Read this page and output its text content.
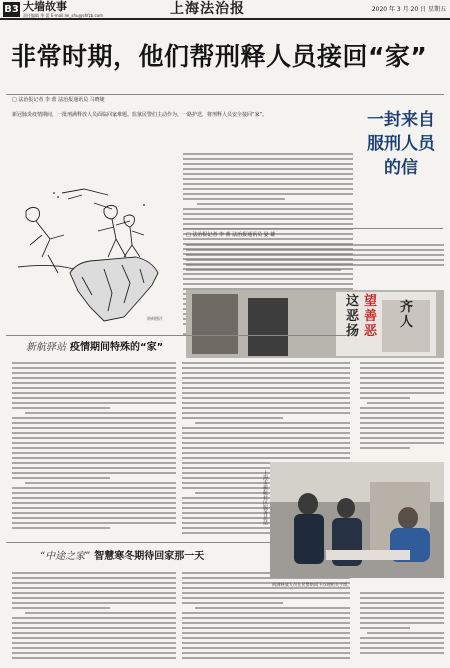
B3 大墙故事
责任编辑 华 蕾 E-mail:lei_shu@shfzb.com	上海法治报	2020 年 3 月 20 日 星期五
非常时期，他们帮刑释人员接回“家”
□ 法治报记者 李 蕾 法治报通讯员 马晓婕
新冠肺炎疫情期间，一批刑满释放人员面临回家难题。监狱民警们主动作为，一路护送，将刑释人员安全接回“家”。
资料图片
一封来自服刑人员的信
□ 法治报记者 李 蕾 法治报通讯员 晏 雄
这
恶
扬
望
善
恶
齐
人
新航驿站 疫情期间特殊的“家”
“中途之家” 智慧寒冬期待回家那一天
上海市新航社区服务总站
刑满释放人员在民警陪同下办理相关手续。
